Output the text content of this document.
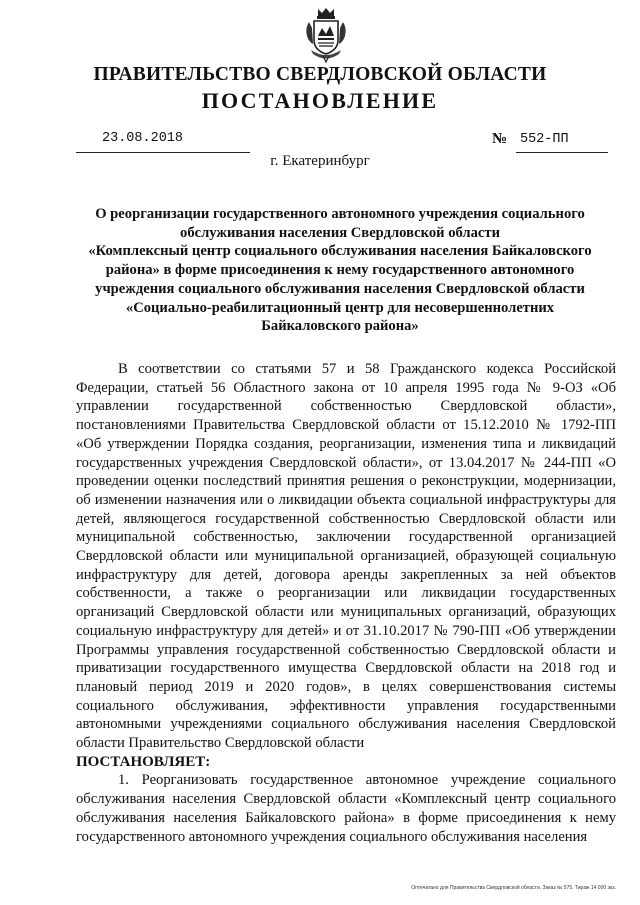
ПРАВИТЕЛЬСТВО СВЕРДЛОВСКОЙ ОБЛАСТИ
ПОСТАНОВЛЕНИЕ
23.08.2018	№ 552-ПП
г. Екатеринбург
О реорганизации государственного автономного учреждения социального
обслуживания населения Свердловской области
«Комплексный центр социального обслуживания населения Байкаловского
района» в форме присоединения к нему государственного автономного
учреждения социального обслуживания населения Свердловской области
«Социально-реабилитационный центр для несовершеннолетних
Байкаловского района»

В соответствии со статьями 57 и 58 Гражданского кодекса Российской Федерации, статьей 56 Областного закона от 10 апреля 1995 года № 9-ОЗ «Об управлении государственной собственностью Свердловской области», постановлениями Правительства Свердловской области от 15.12.2010 № 1792-ПП «Об утверждении Порядка создания, реорганизации, изменения типа и ликвидаций государственных учреждения Свердловской области», от 13.04.2017 № 244-ПП «О проведении оценки последствий принятия решения о реконструкции, модернизации, об изменении назначения или о ликвидации объекта социальной инфраструктуры для детей, являющегося государственной собственностью Свердловской области или муниципальной собственностью, заключении государственной организацией Свердловской области или муниципальной организацией, образующей социальную инфраструктуру для детей, договора аренды закрепленных за ней объектов собственности, а также о реорганизации или ликвидации государственных организаций Свердловской области или муниципальных организаций, образующих социальную инфраструктуру для детей» и от 31.10.2017 № 790-ПП «Об утверждении Программы управления государственной собственностью Свердловской области и приватизации государственного имущества Свердловской области на 2018 год и плановый период 2019 и 2020 годов», в целях совершенствования системы социального обслуживания, эффективности управления государственными автономными учреждениями социального обслуживания населения Свердловской области Правительство Свердловской области

ПОСТАНОВЛЯЕТ:

1. Реорганизовать государственное автономное учреждение социального обслуживания населения Свердловской области «Комплексный центр социального обслуживания населения Байкаловского района» в форме присоединения к нему государственного автономного учреждения социального обслуживания населения

Оптечатано для Правительства Свердловской области. Заказ № 575. Тираж 14 000 экз.
